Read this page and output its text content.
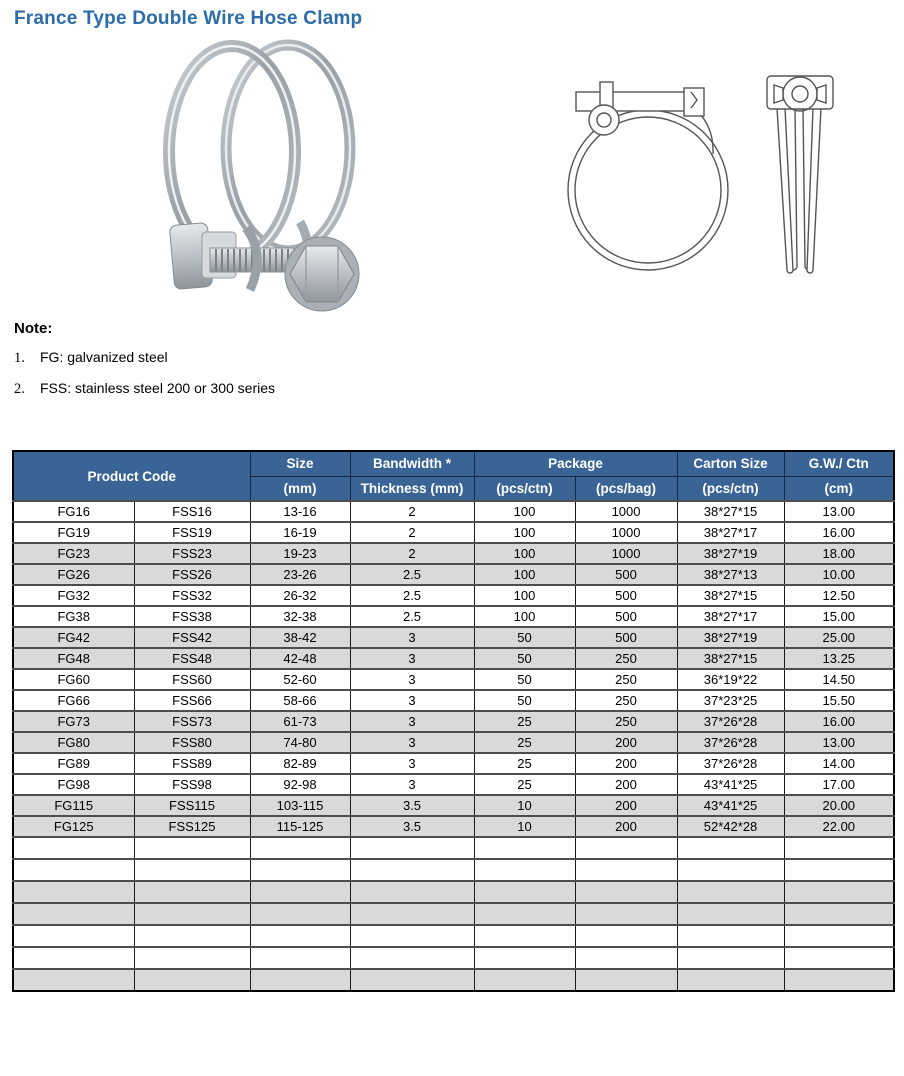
France Type Double Wire Hose Clamp

Note:

1.	FG: galvanized steel
2.	FSS: stainless steel 200 or 300 series
Product Code		Size	Bandwidth *	Package		Carton Size	G.W./ Ctn
		(mm)	Thickness (mm)	(pcs/ctn)	(pcs/bag)	(pcs/ctn)	(cm)
FG16	FSS16	13-16	2	100	1000	38*27*15	13.00
FG19	FSS19	16-19	2	100	1000	38*27*17	16.00
FG23	FSS23	19-23	2	100	1000	38*27*19	18.00
FG26	FSS26	23-26	2.5	100	500	38*27*13	10.00
FG32	FSS32	26-32	2.5	100	500	38*27*15	12.50
FG38	FSS38	32-38	2.5	100	500	38*27*17	15.00
FG42	FSS42	38-42	3	50	500	38*27*19	25.00
FG48	FSS48	42-48	3	50	250	38*27*15	13.25
FG60	FSS60	52-60	3	50	250	36*19*22	14.50
FG66	FSS66	58-66	3	50	250	37*23*25	15.50
FG73	FSS73	61-73	3	25	250	37*26*28	16.00
FG80	FSS80	74-80	3	25	200	37*26*28	13.00
FG89	FSS89	82-89	3	25	200	37*26*28	14.00
FG98	FSS98	92-98	3	25	200	43*41*25	17.00
FG115	FSS115	103-115	3.5	10	200	43*41*25	20.00
FG125	FSS125	115-125	3.5	10	200	52*42*28	22.00
